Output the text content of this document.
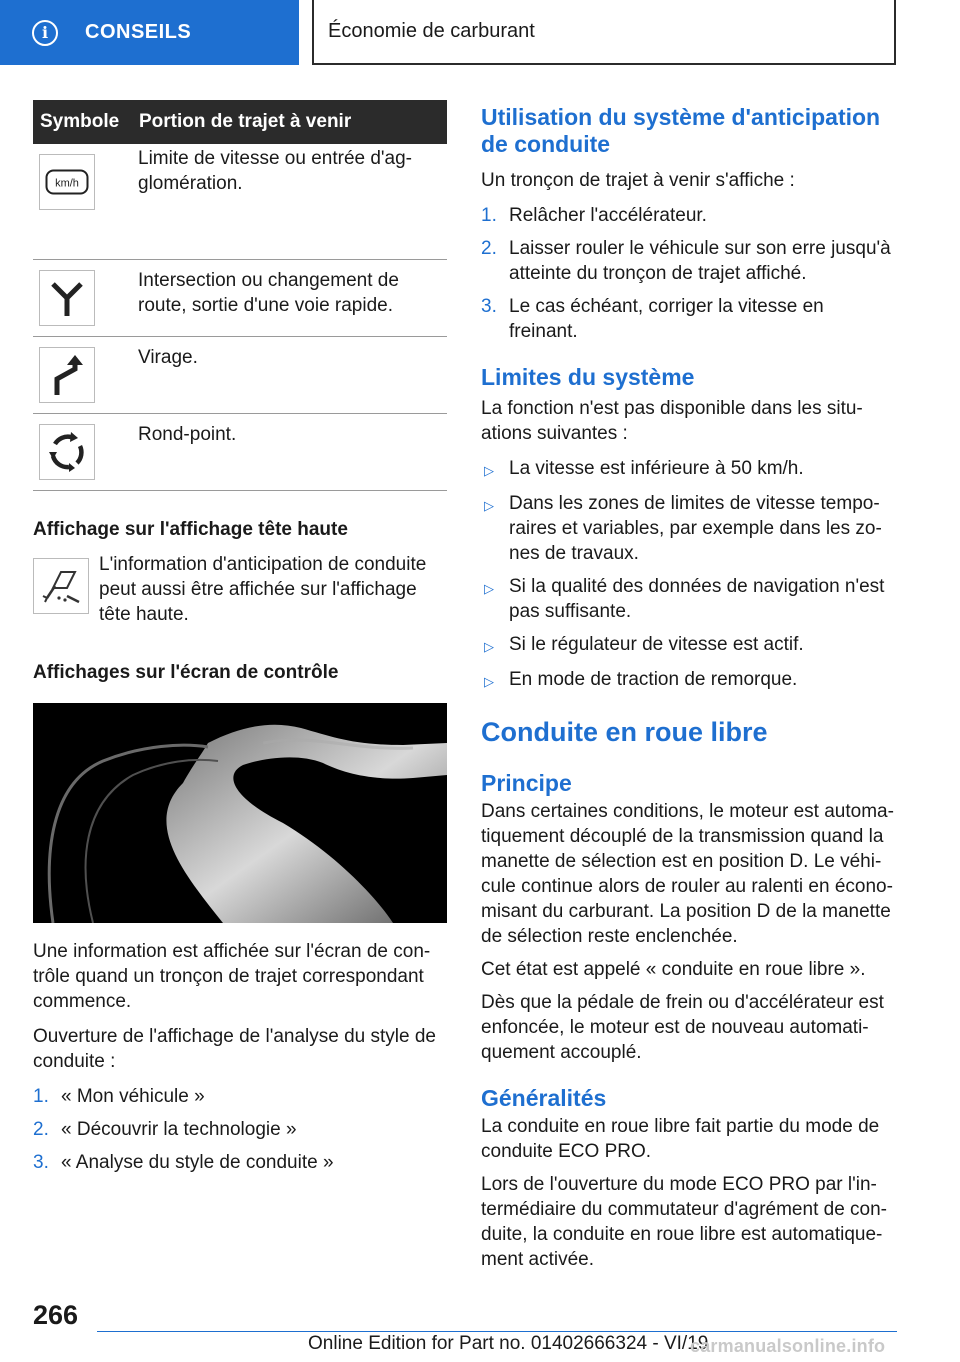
i	CONSEILS	Économie de carburant
Symbole	Portion de trajet à venir

km/h	Limite de vitesse ou entrée d'ag-glomération.

	Intersection ou changement de route, sortie d'une voie rapide.

	Virage.

	Rond-point.
Affichage sur l'affichage tête haute

L'information d'anticipation de conduite peut aussi être affichée sur l'affichage tête haute.

Affichages sur l'écran de contrôle

Une information est affichée sur l'écran de con-trôle quand un tronçon de trajet correspondant commence.

Ouverture de l'affichage de l'analyse du style de conduite :

1. « Mon véhicule »
2. « Découvrir la technologie »
3. « Analyse du style de conduite »
Utilisation du système d'anticipation de conduite

Un tronçon de trajet à venir s'affiche :

1. Relâcher l'accélérateur.
2. Laisser rouler le véhicule sur son erre jusqu'à atteinte du tronçon de trajet affiché.
3. Le cas échéant, corriger la vitesse en freinant.
Limites du système

La fonction n'est pas disponible dans les situ-ations suivantes :

▷ La vitesse est inférieure à 50 km/h.
▷ Dans les zones de limites de vitesse tempo-raires et variables, par exemple dans les zo-nes de travaux.
▷ Si la qualité des données de navigation n'est pas suffisante.
▷ Si le régulateur de vitesse est actif.
▷ En mode de traction de remorque.
Conduite en roue libre
Principe

Dans certaines conditions, le moteur est automa-tiquement découplé de la transmission quand la manette de sélection est en position D. Le véhi-cule continue alors de rouler au ralenti en écono-misant du carburant. La position D de la manette de sélection reste enclenchée.

Cet état est appelé « conduite en roue libre ».

Dès que la pédale de frein ou d'accélérateur est enfoncée, le moteur est de nouveau automati-quement accouplé.

Généralités

La conduite en roue libre fait partie du mode de conduite ECO PRO.

Lors de l'ouverture du mode ECO PRO par l'in-termédiaire du commutateur d'agrément de con-duite, la conduite en roue libre est automatique-ment activée.

266
Online Edition for Part no. 01402666324 - VI/19
carmanualsonline.info
